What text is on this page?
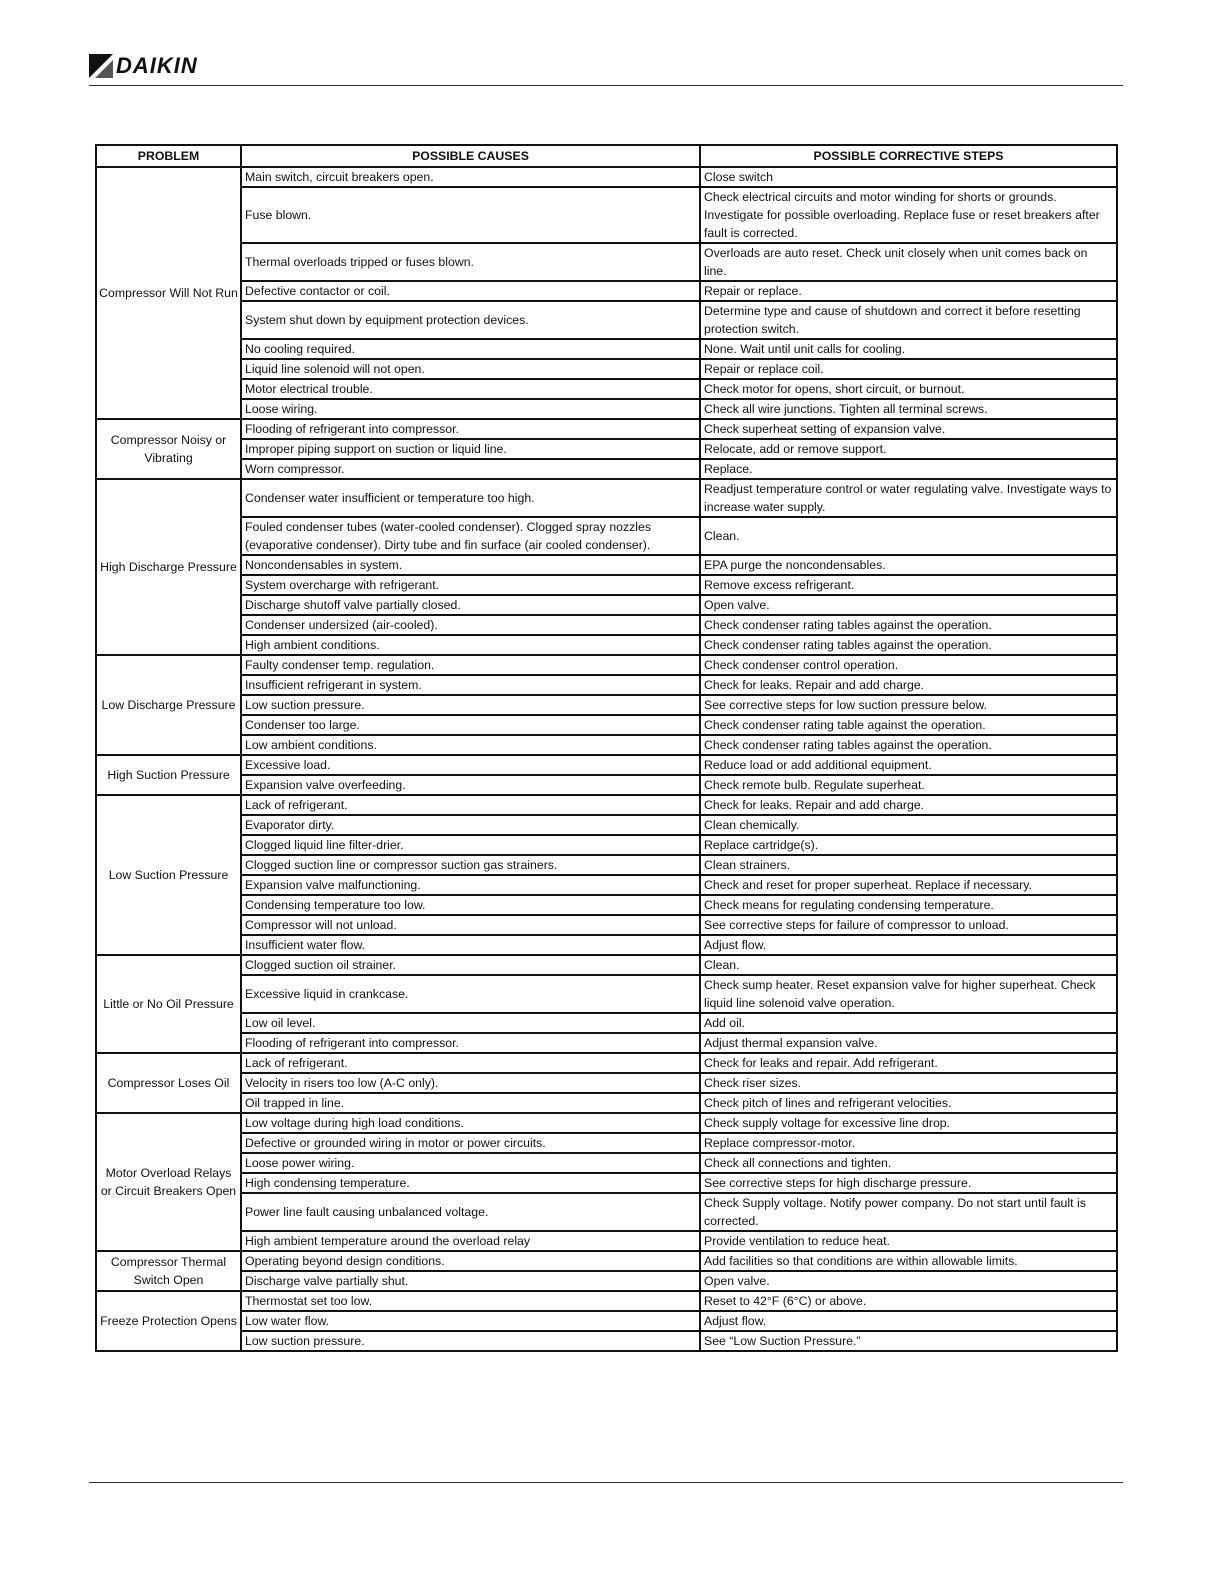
DAIKIN
PROBLEM	POSSIBLE CAUSES	POSSIBLE CORRECTIVE STEPS
Compressor Will Not Run	Main switch, circuit breakers open.	Close switch
	Fuse blown.	Check electrical circuits and motor winding for shorts or grounds. Investigate for possible overloading. Replace fuse or reset breakers after fault is corrected.
	Thermal overloads tripped or fuses blown.	Overloads are auto reset. Check unit closely when unit comes back on line.
	Defective contactor or coil.	Repair or replace.
	System shut down by equipment protection devices.	Determine type and cause of shutdown and correct it before resetting protection switch.
	No cooling required.	None. Wait until unit calls for cooling.
	Liquid line solenoid will not open.	Repair or replace coil.
	Motor electrical trouble.	Check motor for opens, short circuit, or burnout.
	Loose wiring.	Check all wire junctions. Tighten all terminal screws.
Compressor Noisy or Vibrating	Flooding of refrigerant into compressor.	Check superheat setting of expansion valve.
	Improper piping support on suction or liquid line.	Relocate, add or remove support.
	Worn compressor.	Replace.
High Discharge Pressure	Condenser water insufficient or temperature too high.	Readjust temperature control or water regulating valve. Investigate ways to increase water supply.
	Fouled condenser tubes (water-cooled condenser). Clogged spray nozzles (evaporative condenser). Dirty tube and fin surface (air cooled condenser).	Clean.
	Noncondensables in system.	EPA purge the noncondensables.
	System overcharge with refrigerant.	Remove excess refrigerant.
	Discharge shutoff valve partially closed.	Open valve.
	Condenser undersized (air-cooled).	Check condenser rating tables against the operation.
	High ambient conditions.	Check condenser rating tables against the operation.
Low Discharge Pressure	Faulty condenser temp. regulation.	Check condenser control operation.
	Insufficient refrigerant in system.	Check for leaks. Repair and add charge.
	Low suction pressure.	See corrective steps for low suction pressure below.
	Condenser too large.	Check condenser rating table against the operation.
	Low ambient conditions.	Check condenser rating tables against the operation.
High Suction Pressure	Excessive load.	Reduce load or add additional equipment.
	Expansion valve overfeeding.	Check remote bulb. Regulate superheat.
Low Suction Pressure	Lack of refrigerant.	Check for leaks. Repair and add charge.
	Evaporator dirty.	Clean chemically.
	Clogged liquid line filter-drier.	Replace cartridge(s).
	Clogged suction line or compressor suction gas strainers.	Clean strainers.
	Expansion valve malfunctioning.	Check and reset for proper superheat. Replace if necessary.
	Condensing temperature too low.	Check means for regulating condensing temperature.
	Compressor will not unload.	See corrective steps for failure of compressor to unload.
	Insufficient water flow.	Adjust flow.
Little or No Oil Pressure	Clogged suction oil strainer.	Clean.
	Excessive liquid in crankcase.	Check sump heater. Reset expansion valve for higher superheat. Check liquid line solenoid valve operation.
	Low oil level.	Add oil.
	Flooding of refrigerant into compressor.	Adjust thermal expansion valve.
Compressor Loses Oil	Lack of refrigerant.	Check for leaks and repair. Add refrigerant.
	Velocity in risers too low (A-C only).	Check riser sizes.
	Oil trapped in line.	Check pitch of lines and refrigerant velocities.
Motor Overload Relays or Circuit Breakers Open	Low voltage during high load conditions.	Check supply voltage for excessive line drop.
	Defective or grounded wiring in motor or power circuits.	Replace compressor-motor.
	Loose power wiring.	Check all connections and tighten.
	High condensing temperature.	See corrective steps for high discharge pressure.
	Power line fault causing unbalanced voltage.	Check Supply voltage. Notify power company. Do not start until fault is corrected.
	High ambient temperature around the overload relay	Provide ventilation to reduce heat.
Compressor Thermal Switch Open	Operating beyond design conditions.	Add facilities so that conditions are within allowable limits.
	Discharge valve partially shut.	Open valve.
Freeze Protection Opens	Thermostat set too low.	Reset to 42°F (6°C) or above.
	Low water flow.	Adjust flow.
	Low suction pressure.	See “Low Suction Pressure.”
